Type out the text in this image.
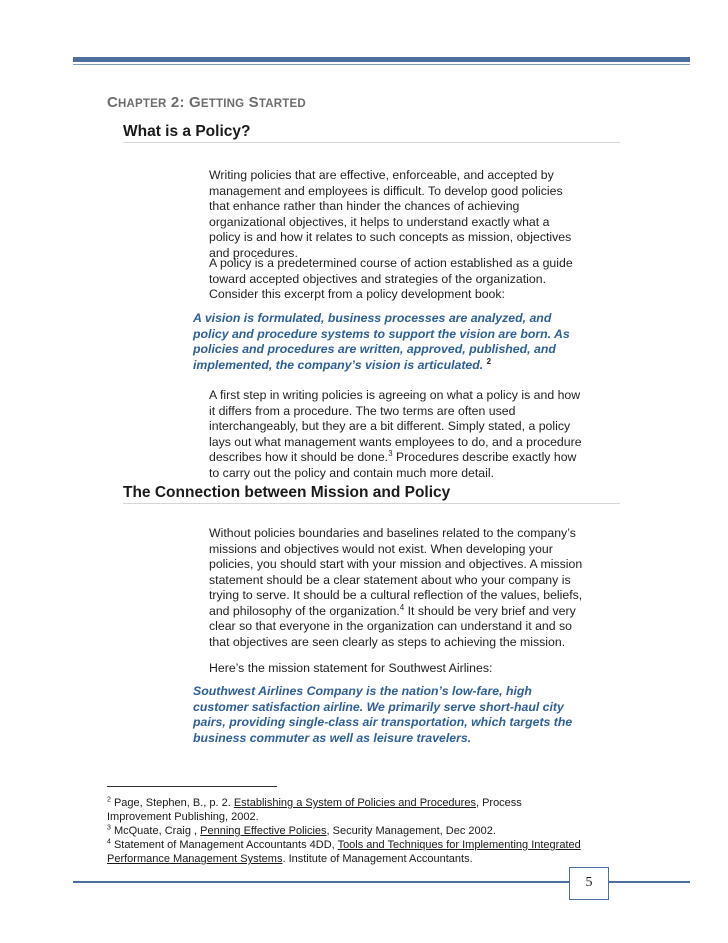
CHAPTER 2: GETTING STARTED
What is a Policy?

Writing policies that are effective, enforceable, and accepted by management and employees is difficult. To develop good policies that enhance rather than hinder the chances of achieving organizational objectives, it helps to understand exactly what a policy is and how it relates to such concepts as mission, objectives and procedures.

A policy is a predetermined course of action established as a guide toward accepted objectives and strategies of the organization. Consider this excerpt from a policy development book:

A vision is formulated, business processes are analyzed, and policy and procedure systems to support the vision are born. As policies and procedures are written, approved, published, and implemented, the company’s vision is articulated. $^2$

A first step in writing policies is agreeing on what a policy is and how it differs from a procedure. The two terms are often used interchangeably, but they are a bit different. Simply stated, a policy lays out what management wants employees to do, and a procedure describes how it should be done.$^3$ Procedures describe exactly how to carry out the policy and contain much more detail.

The Connection between Mission and Policy

Without policies boundaries and baselines related to the company’s missions and objectives would not exist. When developing your policies, you should start with your mission and objectives. A mission statement should be a clear statement about who your company is trying to serve. It should be a cultural reflection of the values, beliefs, and philosophy of the organization.$^4$ It should be very brief and very clear so that everyone in the organization can understand it and so that objectives are seen clearly as steps to achieving the mission.

Here’s the mission statement for Southwest Airlines:

Southwest Airlines Company is the nation’s low-fare, high customer satisfaction airline. We primarily serve short-haul city pairs, providing single-class air transportation, which targets the business commuter as well as leisure travelers.

$^2$ Page, Stephen, B., p. 2. Establishing a System of Policies and Procedures, Process Improvement Publishing, 2002.

$^3$ McQuate, Craig , Penning Effective Policies, Security Management, Dec 2002.

$^4$ Statement of Management Accountants 4DD, Tools and Techniques for Implementing Integrated Performance Management Systems. Institute of Management Accountants.

5
